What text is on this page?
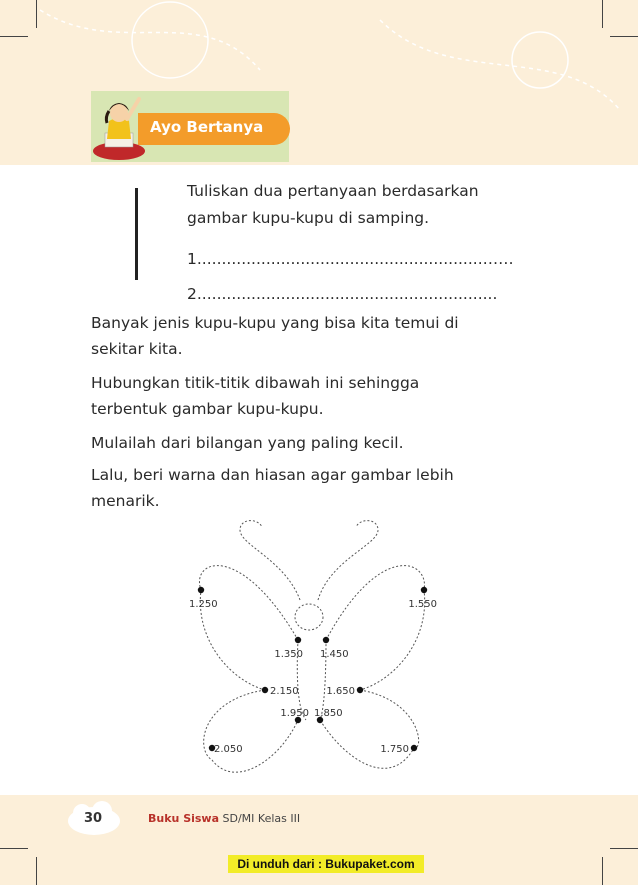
Ayo Bertanya
Tuliskan dua pertanyaan berdasarkan
gambar kupu-kupu di samping.
1..........................................................……
2.............................................................
Banyak jenis kupu-kupu yang bisa kita temui di
sekitar kita.
Hubungkan titik-titik dibawah ini sehingga
terbentuk gambar kupu-kupu.
Mulailah dari bilangan yang paling kecil.
Lalu, beri warna dan hiasan agar gambar lebih
menarik.
1.250	1.550
1.350 1.450
2.150	1.650
1.950 1.850
2.050	1.750
30	Buku Siswa SD/MI Kelas III
Di unduh dari : Bukupaket.com
